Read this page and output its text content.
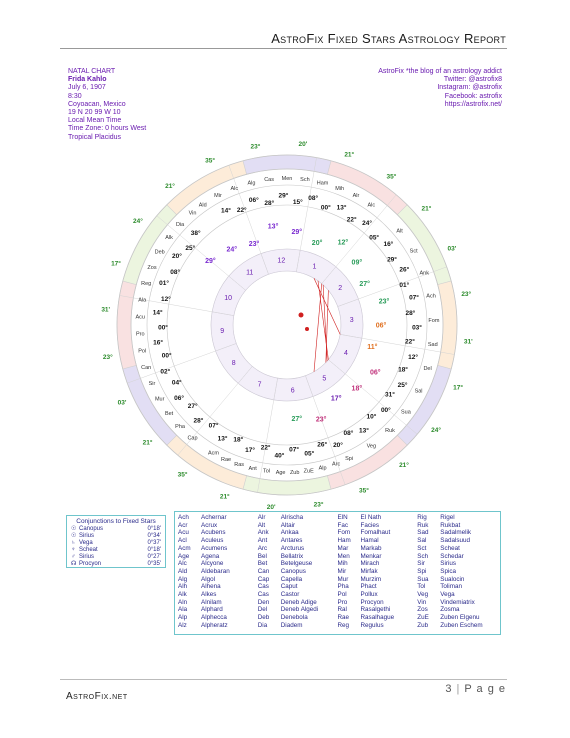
AstroFix Fixed Stars Astrology Report
NATAL CHART
Frida Kahlo
July 6, 1907
8:30
Coyoacan, Mexico
19 N 20 99 W 10
Local Mean Time
Time Zone: 0 hours West
Tropical Placidus
AstroFix *the blog of an astrology addict
Twitter: @astrofix8
Instagram: @astrofix
Facebook: astrofix
https://astrofix.net/
1
2
3
4
5
6
7
8
9
10
11
12
23°	20'
21°
35°
21°
03'
23°
31'
17°
24°
21°
35°
23°
20'
21°
35°
21°
03'
23°
31'
17°
24°
21°
35°
Ald
Mir
Alc
Alg
Cas Men Sch
Ham
Mih
Alr
Alc
Alt
Sct
Ank
Ach
Fom
Sad
Del
Sal
Sua
Ruk
Veg
Spi
Arc
Alp
ZuE
Zub
Age
Tol
Ant
Ras
Rae
Acm
Cap
Pha
Bet
Mur
Sir
Can
Pol
Pro
Acu
Ala
Reg
Zos
Deb
Alk
Dia
Vin	14° 22°
06° 28°
29°
15°
08°
00° 13°
22° 24°
05°
16°
29°
26°
01°
07°
28°
03°
22°
12°
18°
25°
31°
00°
10°
13°
08°
20°
26°
05°
07°
40°
22°
17°
18°
13°
07°
28°
27°
06°
04°
02°
00°
16°
00°
14°
12°
01°
08°
20°
25°
38°
29°
24°
23°
13°
29°
20° 12°
09°
27°
23°
06°
11°
06°
18°
17°
23°
27°
Conjunctions to Fixed Stars
☉ Canopus	0°18'
☉ Sirius	0°34'
♄ Vega	0°37'
♆ Scheat	0°18'
♂ Sirius	0°27'
☊ Procyon	0°35'
Ach	Achernar
Acr	Acrux
Acu	Acubens
Acl	Aculeus
Acm	Acumens
Age	Agena
Alc	Alcyone
Ald	Aldebaran
Alg	Algol
Alh	Alhena
Alk	Alkes
Aln	Alnilam
Ala	Alphard
Alp	Alphecca
Alz	Alpheratz
Alr	Alrischa
Alt	Altair
Ank	Ankaa
Ant	Antares
Arc	Arcturus
Bel	Bellatrix
Bet	Betelgeuse
Can	Canopus
Cap	Capella
Cas	Caput
Cas	Castor
Den	Deneb Adige
Del	Deneb Algedi
Deb	Denebola
Dia	Diadem
ElN	El Nath
Fac	Facies
Fom	Fomalhaut
Ham	Hamal
Mar	Markab
Men	Menkar
Mih	Mirach
Mir	Mirfak
Mur	Murzim
Pha	Phact
Pol	Pollux
Pro	Procyon
Ral	Rasalgethi
Rae	Rasalhague
Reg	Regulus
Rig	Rigel
Ruk	Rukbat
Sad	Sadalmelik
Sal	Sadalsuud
Sct	Scheat
Sch	Schedar
Sir	Sirius
Spi	Spica
Sua	Sualocin
Tol	Toliman
Veg	Vega
Vin	Vindemiatrix
Zos	Zosma
ZuE	Zuben Elgenu
Zub	Zuben Eschem
3 | P a g e
AstroFix.net
